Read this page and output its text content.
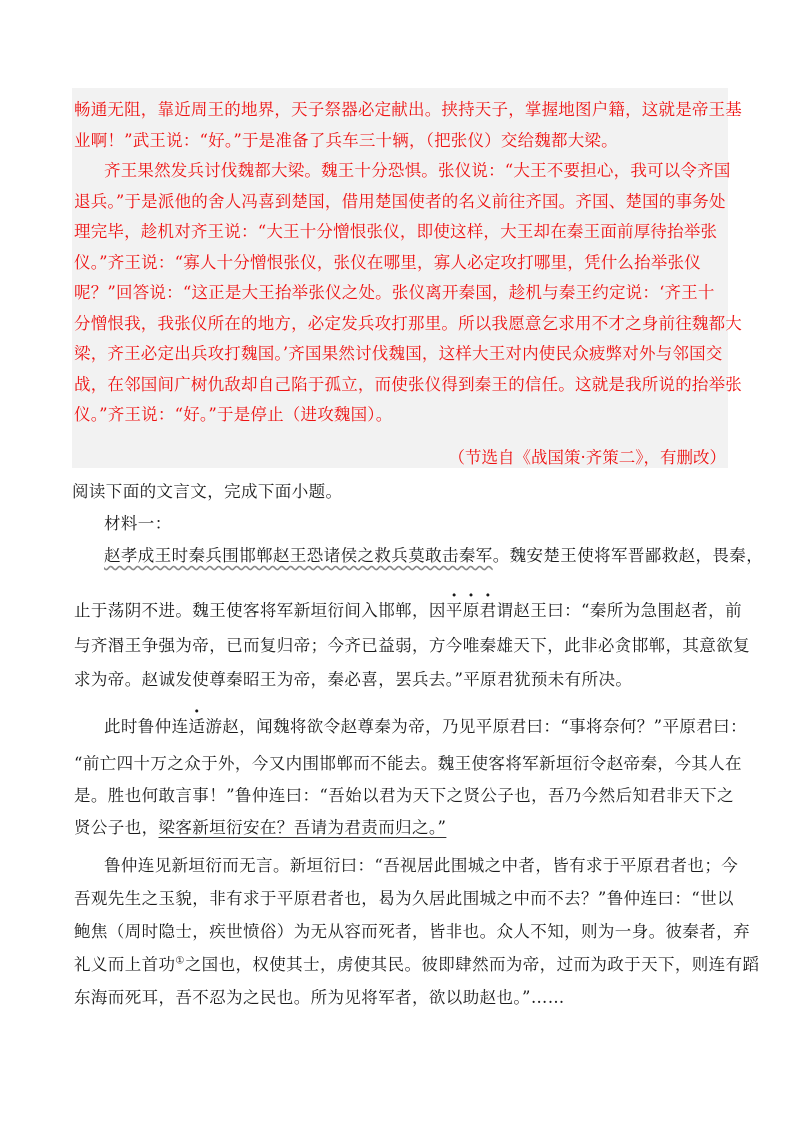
畅通无阻，靠近周王的地界，天子祭器必定献出。挟持天子，掌握地图户籍，这就是帝王基
业啊！”武王说：“好。”于是准备了兵车三十辆，（把张仪）交给魏都大梁。
齐王果然发兵讨伐魏都大梁。魏王十分恐惧。张仪说：“大王不要担心，我可以令齐国
退兵。”于是派他的舍人冯喜到楚国，借用楚国使者的名义前往齐国。齐国、楚国的事务处
理完毕，趁机对齐王说：“大王十分憎恨张仪，即使这样，大王却在秦王面前厚待抬举张
仪。”齐王说：“寡人十分憎恨张仪，张仪在哪里，寡人必定攻打哪里，凭什么抬举张仪
呢？”回答说：“这正是大王抬举张仪之处。张仪离开秦国，趁机与秦王约定说：‘齐王十
分憎恨我，我张仪所在的地方，必定发兵攻打那里。所以我愿意乞求用不才之身前往魏都大
梁，齐王必定出兵攻打魏国。’齐国果然讨伐魏国，这样大王对内使民众疲弊对外与邻国交
战，在邻国间广树仇敌却自己陷于孤立，而使张仪得到秦王的信任。这就是我所说的抬举张
仪。”齐王说：“好。”于是停止（进攻魏国）。
（节选自《战国策·齐策二》，有删改）
阅读下面的文言文，完成下面小题。
材料一：
赵孝成王时秦兵围邯郸赵王恐诸侯之救兵莫敢击秦军。魏安楚王使将军晋鄙救赵，畏秦，
止于荡阴不进。魏王使客将军新垣衍间入邯郸，因平原君谓赵王曰：“秦所为急围赵者，前
与齐湣王争强为帝，已而复归帝；今齐已益弱，方今唯秦雄天下，此非必贪邯郸，其意欲复
求为帝。赵诚发使尊秦昭王为帝，秦必喜，罢兵去。”平原君犹预未有所决。
此时鲁仲连适游赵，闻魏将欲令赵尊秦为帝，乃见平原君曰：“事将奈何？”平原君曰：
“前亡四十万之众于外，今又内围邯郸而不能去。魏王使客将军新垣衍令赵帝秦，今其人在
是。胜也何敢言事！”鲁仲连曰：“吾始以君为天下之贤公子也，吾乃今然后知君非天下之
贤公子也，梁客新垣衍安在？吾请为君责而归之。”
鲁仲连见新垣衍而无言。新垣衍曰：“吾视居此围城之中者，皆有求于平原君者也；今
吾观先生之玉貌，非有求于平原君者也，曷为久居此围城之中而不去？”鲁仲连曰：“世以
鲍焦（周时隐士，疾世愤俗）为无从容而死者，皆非也。众人不知，则为一身。彼秦者，弃
礼义而上首功①之国也，权使其士，虏使其民。彼即肆然而为帝，过而为政于天下，则连有蹈
东海而死耳，吾不忍为之民也。所为见将军者，欲以助赵也。”……
